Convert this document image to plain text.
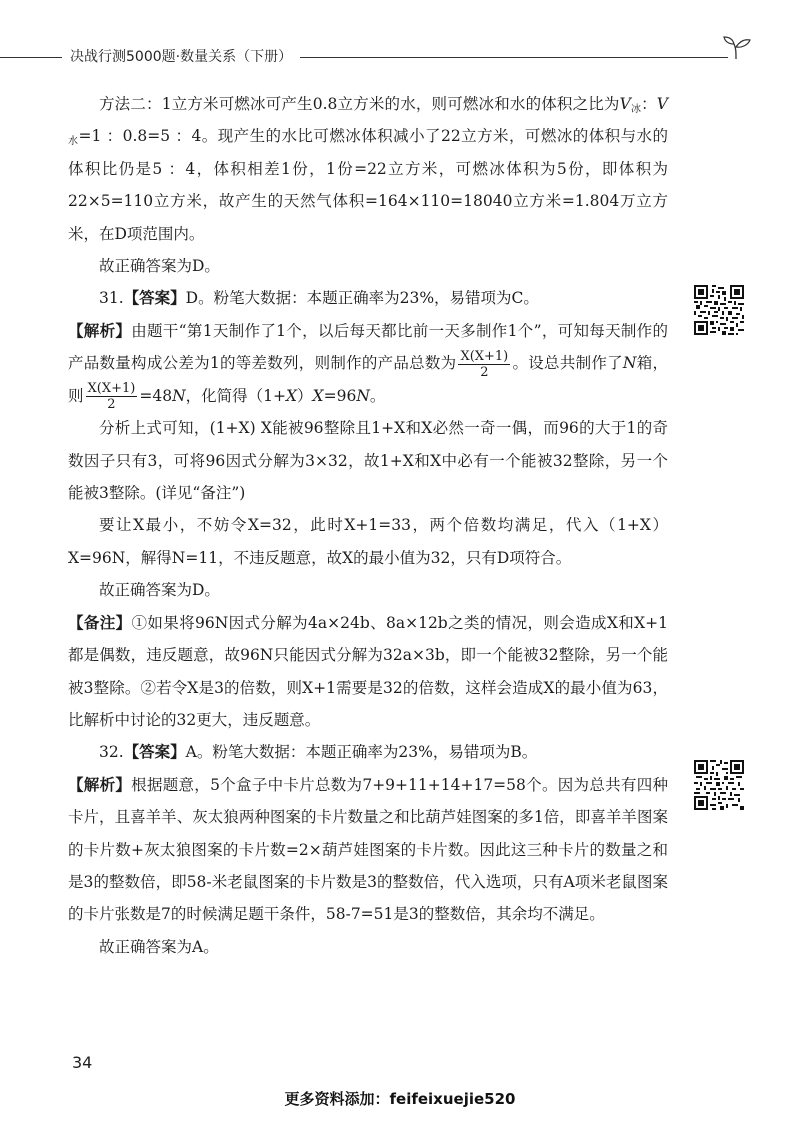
决战行测5000题·数量关系（下册）

方法二：1立方米可燃冰可产生0.8立方米的水，则可燃冰和水的体积之比为$V_冰$：$V_水=1$ ：0.8=5 ：4。现产生的水比可燃冰体积减小了22立方米，可燃冰的体积与水的体积比仍是5 ：4，体积相差1份，1份=22立方米，可燃冰体积为5份，即体积为22×5=110立方米，故产生的天然气体积=164×110=18040立方米=1.804万立方米，在D项范围内。

故正确答案为D。

31.【答案】D。粉笔大数据：本题正确率为23%，易错项为C。

【解析】由题干“第1天制作了1个，以后每天都比前一天多制作1个”，可知每天制作的产品数量构成公差为1的等差数列，则制作的产品总数为 $\frac{X(X+1)}{2}$ 。设总共制作了N箱，则 $\frac{X(X+1)}{2} =48N$，化简得（1+X）X=96N。

分析上式可知，(1+X) X能被96整除且1+X和X必然一奇一偶，而96的大于1的奇数因子只有3，可将96因式分解为3×32，故1+X和X中必有一个能被32整除，另一个能被3整除。(详见“备注”)

要让X最小，不妨令X=32，此时X+1=33，两个倍数均满足，代入（1+X）X=96N，解得N=11，不违反题意，故X的最小值为32，只有D项符合。

故正确答案为D。

【备注】①如果将96N因式分解为4a×24b、8a×12b之类的情况，则会造成X和X+1都是偶数，违反题意，故96N只能因式分解为32a×3b，即一个能被32整除，另一个能被3整除。②若令X是3的倍数，则X+1需要是32的倍数，这样会造成X的最小值为63，比解析中讨论的32更大，违反题意。

32.【答案】A。粉笔大数据：本题正确率为23%，易错项为B。

【解析】根据题意，5个盒子中卡片总数为7+9+11+14+17=58个。因为总共有四种卡片，且喜羊羊、灰太狼两种图案的卡片数量之和比葫芦娃图案的多1倍，即喜羊羊图案的卡片数+灰太狼图案的卡片数=2×葫芦娃图案的卡片数。因此这三种卡片的数量之和是3的整数倍，即58-米老鼠图案的卡片数是3的整数倍，代入选项，只有A项米老鼠图案的卡片张数是7的时候满足题干条件，58-7=51是3的整数倍，其余均不满足。

故正确答案为A。

34
更多资料添加：feifeixuejie520
